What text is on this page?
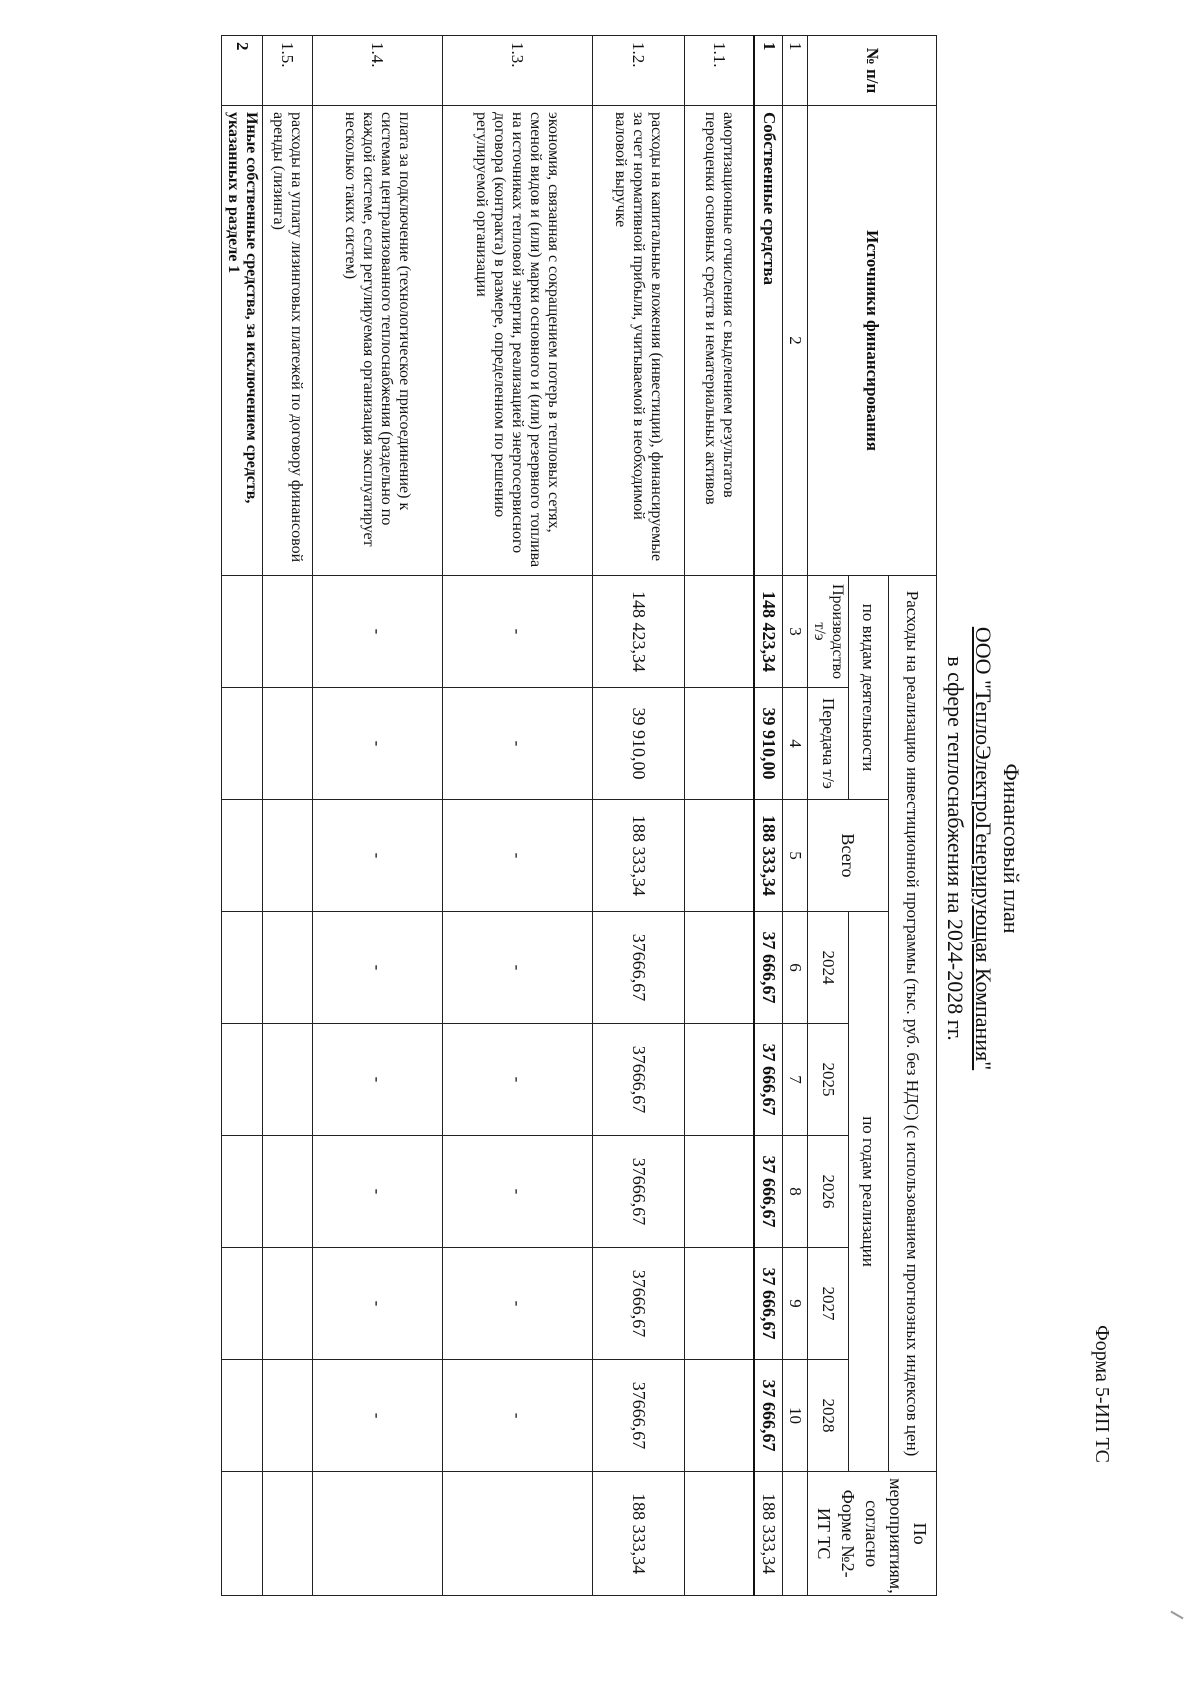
Форма 5-ИП ТС
Финансовый план
ООО "ТеплоЭлектроГенерирующая Компания"
в сфере теплоснабжения на 2024-2028 гг.
№ п/п	Источники финансирования	Расходы на реализацию инвестиционной программы (тыс. руб. без НДС) (с использованием прогнозных индексов цен)								По мероприятиям, согласно Форме №2-ИТ ТС
		по видам деятельности		Всего	по годам реализации					
		Производство т/э	Передача т/э		2024	2025	2026	2027	2028	
1	2	3	4	5	6	7	8	9	10	
1	Собственные средства	148 423,34	39 910,00	188 333,34	37 666,67	37 666,67	37 666,67	37 666,67	37 666,67	188 333,34
1.1.	амортизационные отчисления с выделением результатов переоценки основных средств и нематериальных активов									
1.2.	расходы на капитальные вложения (инвестиции), финансируемые за счет нормативной прибыли, учитываемой в необходимой валовой выручке	148 423,34	39 910,00	188 333,34	37666,67	37666,67	37666,67	37666,67	37666,67	188 333,34
1.3.	экономия, связанная с сокращением потерь в тепловых сетях, сменой видов и (или) марки основного и (или) резервного топлива на источниках тепловой энергии, реализацией энергосервисного договора (контракта) в размере, определенном по решению регулируемой организации	-	-	-	-	-	-	-	-	
1.4.	плата за подключение (технологическое присоединение) к системам централизованного теплоснабжения (раздельно по каждой системе, если регулируемая организация эксплуатирует несколько таких систем)	-	-	-	-	-	-	-	-	
1.5.	расходы на уплату лизинговых платежей по договору финансовой аренды (лизинга)									
2	Иные собственные средства, за исключением средств, указанных в разделе 1									
